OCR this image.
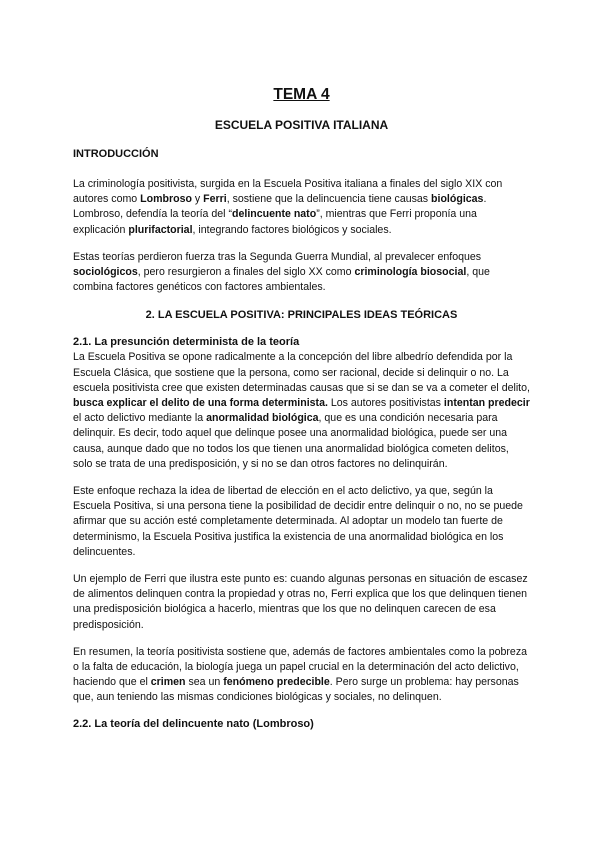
TEMA 4
ESCUELA POSITIVA ITALIANA
INTRODUCCIÓN

La criminología positivista, surgida en la Escuela Positiva italiana a finales del siglo XIX con autores como Lombroso y Ferri, sostiene que la delincuencia tiene causas biológicas. Lombroso, defendía la teoría del “delincuente nato”, mientras que Ferri proponía una explicación plurifactorial, integrando factores biológicos y sociales.

Estas teorías perdieron fuerza tras la Segunda Guerra Mundial, al prevalecer enfoques sociológicos, pero resurgieron a finales del siglo XX como criminología biosocial, que combina factores genéticos con factores ambientales.

2. LA ESCUELA POSITIVA: PRINCIPALES IDEAS TEÓRICAS
2.1. La presunción determinista de la teoría

La Escuela Positiva se opone radicalmente a la concepción del libre albedrío defendida por la Escuela Clásica, que sostiene que la persona, como ser racional, decide si delinquir o no. La escuela positivista cree que existen determinadas causas que si se dan se va a cometer el delito, busca explicar el delito de una forma determinista. Los autores positivistas intentan predecir el acto delictivo mediante la anormalidad biológica, que es una condición necesaria para delinquir. Es decir, todo aquel que delinque posee una anormalidad biológica, puede ser una causa, aunque dado que no todos los que tienen una anormalidad biológica cometen delitos, solo se trata de una predisposición, y si no se dan otros factores no delinquirán.

Este enfoque rechaza la idea de libertad de elección en el acto delictivo, ya que, según la Escuela Positiva, si una persona tiene la posibilidad de decidir entre delinquir o no, no se puede afirmar que su acción esté completamente determinada. Al adoptar un modelo tan fuerte de determinismo, la Escuela Positiva justifica la existencia de una anormalidad biológica en los delincuentes.

Un ejemplo de Ferri que ilustra este punto es: cuando algunas personas en situación de escasez de alimentos delinquen contra la propiedad y otras no, Ferri explica que los que delinquen tienen una predisposición biológica a hacerlo, mientras que los que no delinquen carecen de esa predisposición.

En resumen, la teoría positivista sostiene que, además de factores ambientales como la pobreza o la falta de educación, la biología juega un papel crucial en la determinación del acto delictivo, haciendo que el crimen sea un fenómeno predecible. Pero surge un problema: hay personas que, aun teniendo las mismas condiciones biológicas y sociales, no delinquen.

2.2. La teoría del delincuente nato (Lombroso)
